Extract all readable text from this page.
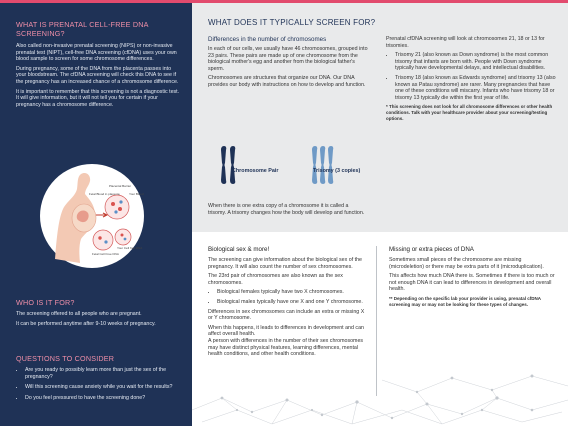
WHAT IS PRENATAL CELL-FREE DNA SCREENING?

Also called non-invasive prenatal screening (NIPS) or non-invasive prenatal test (NIPT), cell-free DNA screening (cfDNA) uses your own blood sample to screen for some chromosome differences.

During pregnancy, some of the DNA from the placenta passes into your bloodstream. The cfDNA screening will check this DNA to see if the pregnancy has an increased chance of a chromosome difference.

It is important to remember that this screening is not a diagnostic test. It will give information, but it will not tell you for certain if your pregnancy has a chromosome difference.

Placental Barrier
Fetal Blood in placenta	Your Blood
Fetal Cell Free DNA
Your Cell free DNA
WHO IS IT FOR?

The screening offered to all people who are pregnant.

It can be performed anytime after 9-10 weeks of pregnancy.

QUESTIONS TO CONSIDER
• Are you ready to possibly learn more than just the sex of the pregnancy?
• Will this screening cause anxiety while you wait for the results?
• Do you feel pressured to have the screening done?
WHAT DOES IT TYPICALLY SCREEN FOR?

Differences in the number of chromosomes

In each of our cells, we usually have 46 chromosomes, grouped into 23 pairs. These pairs are made up of one chromosome from the biological mother's egg and another from the biological father's sperm.

Chromosomes are structures that organize our DNA. Our DNA provides our body with instructions on how to develop and function.

Chromosome Pair	Trisomy (3 copies)

When there is one extra copy of a chromosome it is called a trisomy. A trisomy changes how the body will develop and function.

Prenatal cfDNA screening will look at chromosomes 21, 18 or 13 for trisomies.

• Trisomy 21 (also known as Down syndrome) is the most common trisomy that infants are born with. People with Down syndrome typically have developmental delays, and intellectual disabilities.
• Trisomy 18 (also known as Edwards syndrome) and trisomy 13 (also known as Patau syndrome) are rarer. Many pregnancies that have one of these conditions will miscarry. Infants who have trisomy 18 or trisomy 13 typically die within the first year of life.

* This screening does not look for all chromosome differences or other health conditions. Talk with your healthcare provider about your screening/testing options.

Biological sex & more!

The screening can give information about the biological sex of the pregnancy. It will also count the number of sex chromosomes.

The 23rd pair of chromosomes are also known as the sex chromosomes.

• Biological females typically have two X chromosomes.
• Biological males typically have one X and one Y chromosome.

Differences in sex chromosomes can include an extra or missing X or Y chromosome.

When this happens, it leads to differences in development and can affect overall health.

A person with differences in the number of their sex chromosomes may have distinct physical features, learning differences, mental health conditions, and other health conditions.

Missing or extra pieces of DNA

Sometimes small pieces of the chromosome are missing (microdeletion) or there may be extra parts of it (microduplication).

This affects how much DNA there is. Sometimes if there is too much or not enough DNA it can lead to differences in development and overall health.

** Depending on the specific lab your provider is using, prenatal cfDNA screening may or may not be looking for these types of changes.
